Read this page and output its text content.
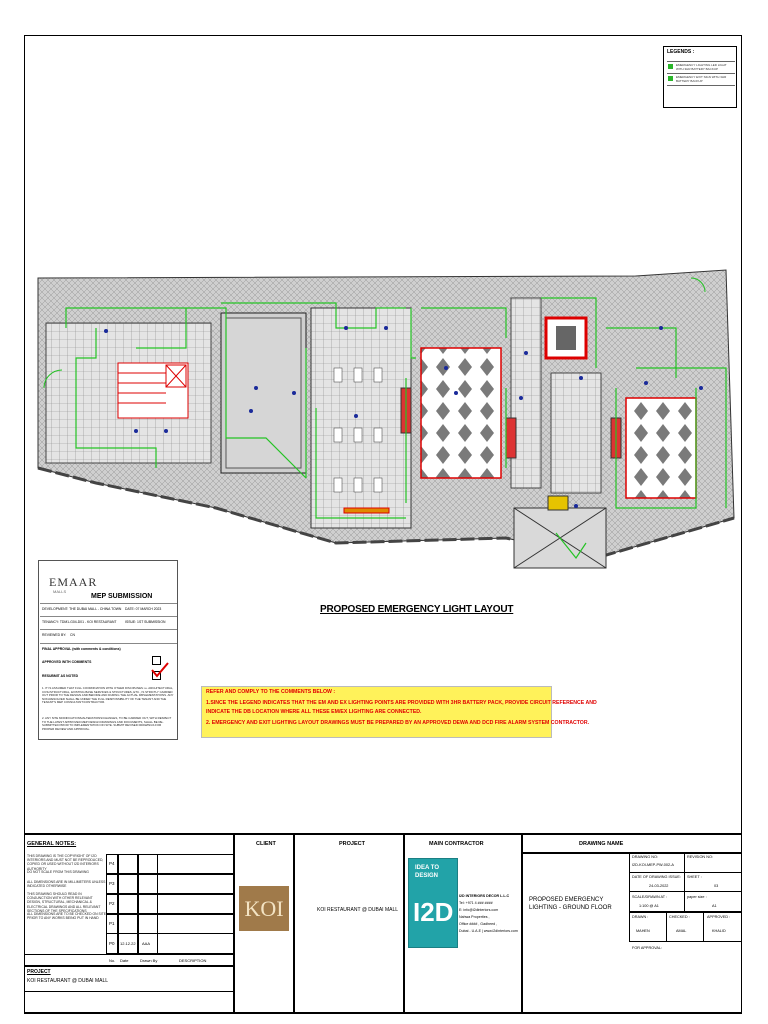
LEGENDS :
EMERGENCY LIGHTING LED LIGHT WITH 3HR BATTERY BACKUP
EMERGENCY EXIT SIGN WITH 3HR BATTERY BACKUP
PROPOSED EMERGENCY LIGHT LAYOUT
EMAAR
MALLS
MEP SUBMISSION
DEVELOPMENT: THE DUBAI MALL - CHINA TOWN DATE: 07 MARCH 2023
TENANCY: TDM1-G04-D01 - KOI RESTAURANT	ISSUE: 1ST SUBMISSION
REVIEWED BY: CN
FINAL APPROVAL (with comments & conditions)
APPROVED WITH COMMENTS
RESUBMIT AS NOTED
1. IT IS ASSUMED THAT FULL COORDINATION WITH OTHER DISCIPLINES i.e. ARCHITECTURAL, CIVIL/STRUCTURAL, EXISTING BASE SERVICES & STRUCTURES, ETC., IS STRICTLY CARRIED OUT PRIOR TO THE DESIGN AND BEFORE AND DURING THE ACTUAL IMPLEMENTATIONS. ANY NON-RESOLVED SHALL BE UNDER THE FULL RESPONSIBILITY OF THE TENANT AND THE TENANT'S MEP CONSULTANT/CONTRACTOR.
2. ANY SITE MODIFICATIONS/ALTERATIONS/CHANGES, TO BE CARRIED OUT, WITH RESPECT TO THE LATEST APPROVED MEP DESIGN DRAWINGS AND DOCUMENTS, SHALL BE RE-SUBMITTED PRIOR TO IMPLEMENTATION ON SITE. SUBMIT REVISED DRAWINGS FOR PROPER REVIEW AND APPROVAL.
REFER AND COMPLY TO THE COMMENTS BELOW :
1.SINCE THE LEGEND INDICATES THAT THE EM AND EX LIGHTING POINTS ARE PROVIDED WITH 3HR BATTERY PACK, PROVIDE CIRCUIT REFERENCE AND
INDICATE THE DB LOCATION WHERE ALL THESE EM/EX LIGHTING ARE CONNECTED.
2. EMERGENCY AND EXIT LIGHTING LAYOUT DRAWINGS MUST BE PREPARED BY AN APPROVED DEWA AND DCD FIRE ALARM SYSTEM CONTRACTOR.
GENERAL NOTES:
THIS DRAWING IS THE COPYRIGHT OF I2D INTERIORS AND MUST NOT BE REPRODUCED, COPIED OR USED WITHOUT I2D INTERIORS AUTHORITY
DO NOT SCALE FROM THIS DRAWING
ALL DIMENSIONS ARE IN MILLIMETERS UNLESS INDICATED OTHERWISE
THIS DRAWING SHOULD READ IN CONJUNCTION WITH OTHER RELEVANT DESIGN, STRUCTURAL, MECHANICAL & ELECTRICAL DRAWINGS AND ALL RELEVANT SECTIONS OF THE SPECIFICATIONS
ALL DIMENSIONS ARE TO BE CHECKED ON SITE PRIOR TO ANY WORKS BEING PUT IN HAND
P4
P3
P2
P1
P0 12.12.22 AAA
No. Date	Drawn By	DESCRIPTION
PROJECT
KOI RESTAURANT @ DUBAI MALL
CLIENT
KOI
PROJECT
KOI RESTAURANT @ DUBAI MALL
MAIN CONTRACTOR
IDEA TO
DESIGN
I2D
I2D INTERIORS DECOR L.L.C
Tel: +971 4 ### ####
E: info@i2dinteriors.com
Nahwa Properties ,
Office #### , Gadheed ,
Dubai - U.A.E | www.i2dinteriors.com
DRAWING NAME
PROPOSED EMERGENCY LIGHTING - GROUND FLOOR
DRAWING NO:
I2D-KOI-MEP-PW-002-A
REVISION NO:
DATE OF DRAWING ISSUE:
24-03-2022
SHEET :
03
SCALE/DRAWN AT :
1:100 @ A1
paper size :
A1
DRAWN :
MAHEN
CHECKED :
AMAL
APPROVED :
KHALID
FOR APPROVAL:
